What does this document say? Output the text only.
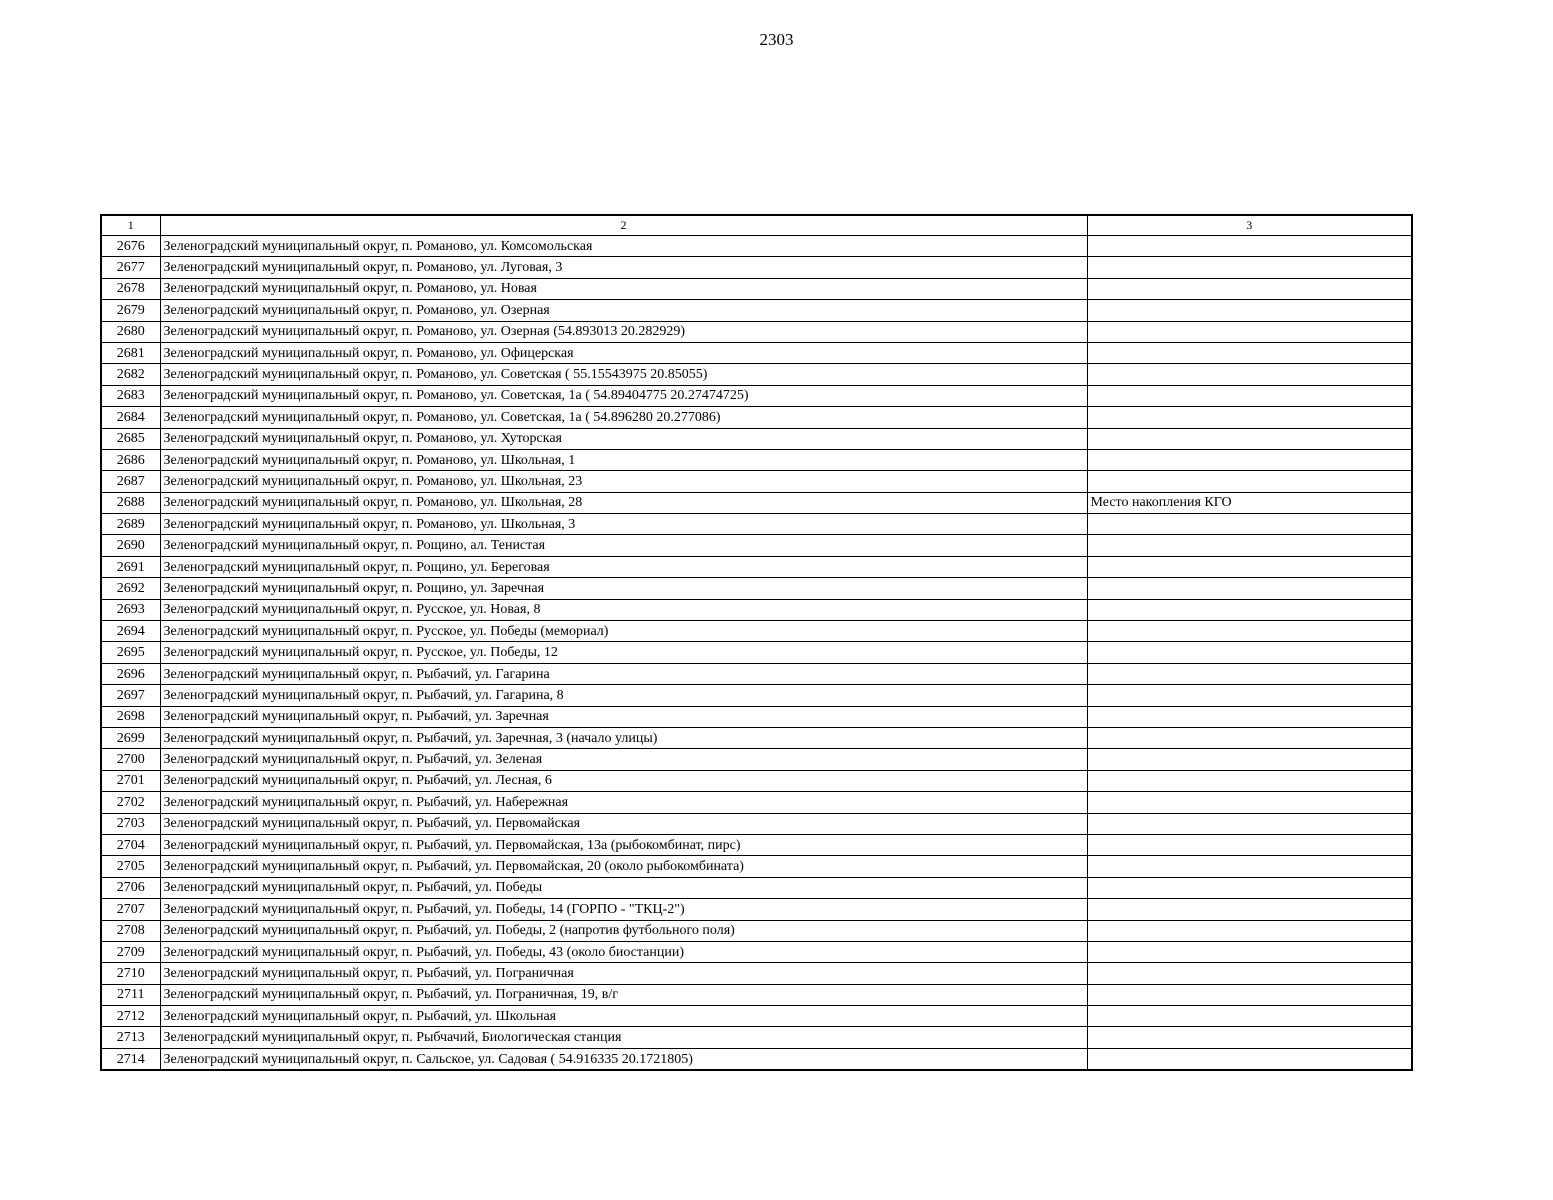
2303
1	2	3
2676	Зеленоградский муниципальный округ, п. Романово, ул. Комсомольская	
2677	Зеленоградский муниципальный округ, п. Романово, ул. Луговая, 3	
2678	Зеленоградский муниципальный округ, п. Романово, ул. Новая	
2679	Зеленоградский муниципальный округ, п. Романово, ул. Озерная	
2680	Зеленоградский муниципальный округ, п. Романово, ул. Озерная (54.893013 20.282929)	
2681	Зеленоградский муниципальный округ, п. Романово, ул. Офицерская	
2682	Зеленоградский муниципальный округ, п. Романово, ул. Советская ( 55.15543975 20.85055)	
2683	Зеленоградский муниципальный округ, п. Романово, ул. Советская, 1а ( 54.89404775 20.27474725)	
2684	Зеленоградский муниципальный округ, п. Романово, ул. Советская, 1а ( 54.896280 20.277086)	
2685	Зеленоградский муниципальный округ, п. Романово, ул. Хуторская	
2686	Зеленоградский муниципальный округ, п. Романово, ул. Школьная, 1	
2687	Зеленоградский муниципальный округ, п. Романово, ул. Школьная, 23	
2688	Зеленоградский муниципальный округ, п. Романово, ул. Школьная, 28	Место накопления КГО
2689	Зеленоградский муниципальный округ, п. Романово, ул. Школьная, 3	
2690	Зеленоградский муниципальный округ, п. Рощино, ал. Тенистая	
2691	Зеленоградский муниципальный округ, п. Рощино, ул. Береговая	
2692	Зеленоградский муниципальный округ, п. Рощино, ул. Заречная	
2693	Зеленоградский муниципальный округ, п. Русское, ул. Новая, 8	
2694	Зеленоградский муниципальный округ, п. Русское, ул. Победы (мемориал)	
2695	Зеленоградский муниципальный округ, п. Русское, ул. Победы, 12	
2696	Зеленоградский муниципальный округ, п. Рыбачий, ул. Гагарина	
2697	Зеленоградский муниципальный округ, п. Рыбачий, ул. Гагарина, 8	
2698	Зеленоградский муниципальный округ, п. Рыбачий, ул. Заречная	
2699	Зеленоградский муниципальный округ, п. Рыбачий, ул. Заречная, 3 (начало улицы)	
2700	Зеленоградский муниципальный округ, п. Рыбачий, ул. Зеленая	
2701	Зеленоградский муниципальный округ, п. Рыбачий, ул. Лесная, 6	
2702	Зеленоградский муниципальный округ, п. Рыбачий, ул. Набережная	
2703	Зеленоградский муниципальный округ, п. Рыбачий, ул. Первомайская	
2704	Зеленоградский муниципальный округ, п. Рыбачий, ул. Первомайская, 13а (рыбокомбинат, пирс)	
2705	Зеленоградский муниципальный округ, п. Рыбачий, ул. Первомайская, 20 (около рыбокомбината)	
2706	Зеленоградский муниципальный округ, п. Рыбачий, ул. Победы	
2707	Зеленоградский муниципальный округ, п. Рыбачий, ул. Победы, 14 (ГОРПО - "ТКЦ-2")	
2708	Зеленоградский муниципальный округ, п. Рыбачий, ул. Победы, 2 (напротив футбольного поля)	
2709	Зеленоградский муниципальный округ, п. Рыбачий, ул. Победы, 43 (около биостанции)	
2710	Зеленоградский муниципальный округ, п. Рыбачий, ул. Пограничная	
2711	Зеленоградский муниципальный округ, п. Рыбачий, ул. Пограничная, 19, в/г	
2712	Зеленоградский муниципальный округ, п. Рыбачий, ул. Школьная	
2713	Зеленоградский муниципальный округ, п. Рыбчачий, Биологическая станция	
2714	Зеленоградский муниципальный округ, п. Сальское, ул. Садовая ( 54.916335 20.1721805)	
